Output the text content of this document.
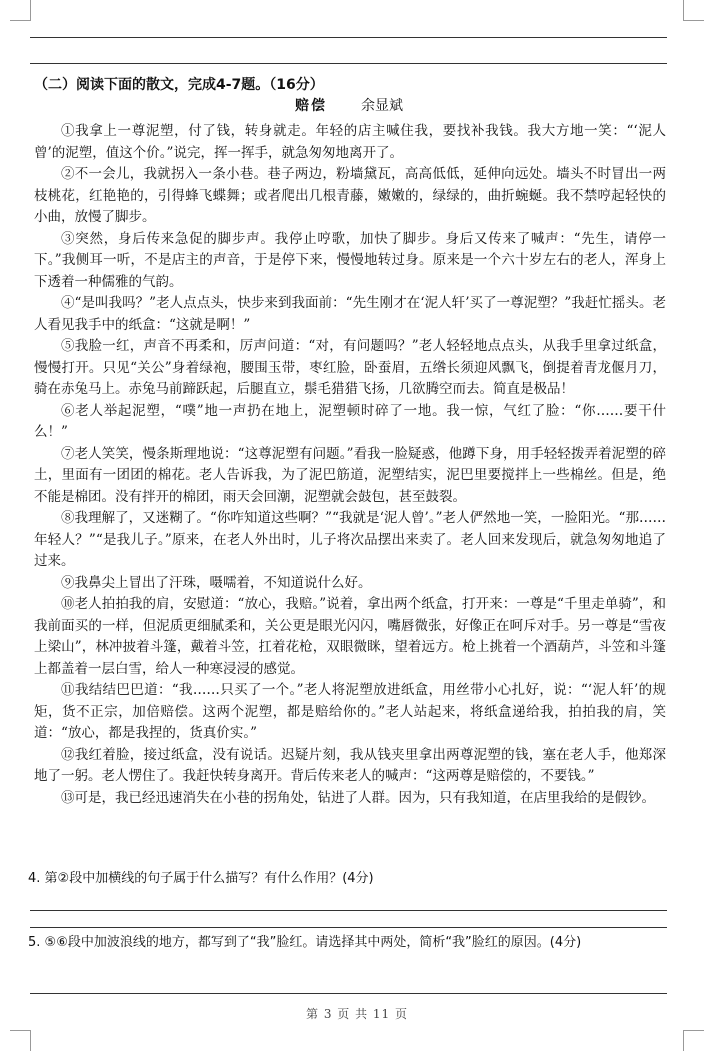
（二）阅读下面的散文，完成4-7题。（16分）
赔偿 余显斌

①我拿上一尊泥塑，付了钱，转身就走。年轻的店主喊住我，要找补我钱。我大方地一笑：“‘泥人曾’的泥塑，值这个价。”说完，挥一挥手，就急匆匆地离开了。

②不一会儿，我就拐入一条小巷。巷子两边，粉墙黛瓦，高高低低，延伸向远处。墙头不时冒出一两枝桃花，红艳艳的，引得蜂飞蝶舞；或者爬出几根青藤，嫩嫩的，绿绿的，曲折蜿蜒。我不禁哼起轻快的小曲，放慢了脚步。

③突然，身后传来急促的脚步声。我停止哼歌，加快了脚步。身后又传来了喊声：“先生，请停一下。”我侧耳一听，不是店主的声音，于是停下来，慢慢地转过身。原来是一个六十岁左右的老人，浑身上下透着一种儒雅的气韵。

④“是叫我吗？”老人点点头，快步来到我面前：“先生刚才在‘泥人轩’买了一尊泥塑？”我赶忙摇头。老人看见我手中的纸盒：“这就是啊！”

⑤我脸一红，声音不再柔和，厉声问道：“对，有问题吗？”老人轻轻地点点头，从我手里拿过纸盒，慢慢打开。只见“关公”身着绿袍，腰围玉带，枣红脸，卧蚕眉，五绺长须迎风飘飞，倒提着青龙偃月刀，骑在赤兔马上。赤兔马前蹄跃起，后腿直立，鬃毛猎猎飞扬，几欲腾空而去。简直是极品！

⑥老人举起泥塑，“噗”地一声扔在地上，泥塑顿时碎了一地。我一惊，气红了脸：“你……要干什么！”

⑦老人笑笑，慢条斯理地说：“这尊泥塑有问题。”看我一脸疑惑，他蹲下身，用手轻轻拨弄着泥塑的碎土，里面有一团团的棉花。老人告诉我，为了泥巴筋道，泥塑结实，泥巴里要搅拌上一些棉丝。但是，绝不能是棉团。没有拌开的棉团，雨天会回潮，泥塑就会鼓包，甚至鼓裂。

⑧我理解了，又迷糊了。“你咋知道这些啊？”“我就是‘泥人曾’。”老人俨然地一笑，一脸阳光。“那……年轻人？”“是我儿子。”原来，在老人外出时，儿子将次品摆出来卖了。老人回来发现后，就急匆匆地追了过来。

⑨我鼻尖上冒出了汗珠，嗫嚅着，不知道说什么好。

⑩老人拍拍我的肩，安慰道：“放心，我赔。”说着，拿出两个纸盒，打开来：一尊是“千里走单骑”，和我前面买的一样，但泥质更细腻柔和，关公更是眼光闪闪，嘴唇微张，好像正在呵斥对手。另一尊是“雪夜上梁山”，林冲披着斗篷，戴着斗笠，扛着花枪，双眼微眯，望着远方。枪上挑着一个酒葫芦，斗笠和斗篷上都盖着一层白雪，给人一种寒浸浸的感觉。

⑪我结结巴巴道：“我……只买了一个。”老人将泥塑放进纸盒，用丝带小心扎好，说：“‘泥人轩’的规矩，货不正宗，加倍赔偿。这两个泥塑，都是赔给你的。”老人站起来，将纸盒递给我，拍拍我的肩，笑道：“放心，都是我捏的，货真价实。”

⑫我红着脸，接过纸盒，没有说话。迟疑片刻，我从钱夹里拿出两尊泥塑的钱，塞在老人手，他郑深地了一躬。老人愣住了。我赶快转身离开。背后传来老人的喊声：“这两尊是赔偿的，不要钱。”

⑬可是，我已经迅速消失在小巷的拐角处，钻进了人群。因为，只有我知道，在店里我给的是假钞。

4. 第②段中加横线的句子属于什么描写？有什么作用？(4分)
5. ⑤⑥段中加波浪线的地方，都写到了“我”脸红。请选择其中两处，简析“我”脸红的原因。(4分)
第 3 页 共 11 页
